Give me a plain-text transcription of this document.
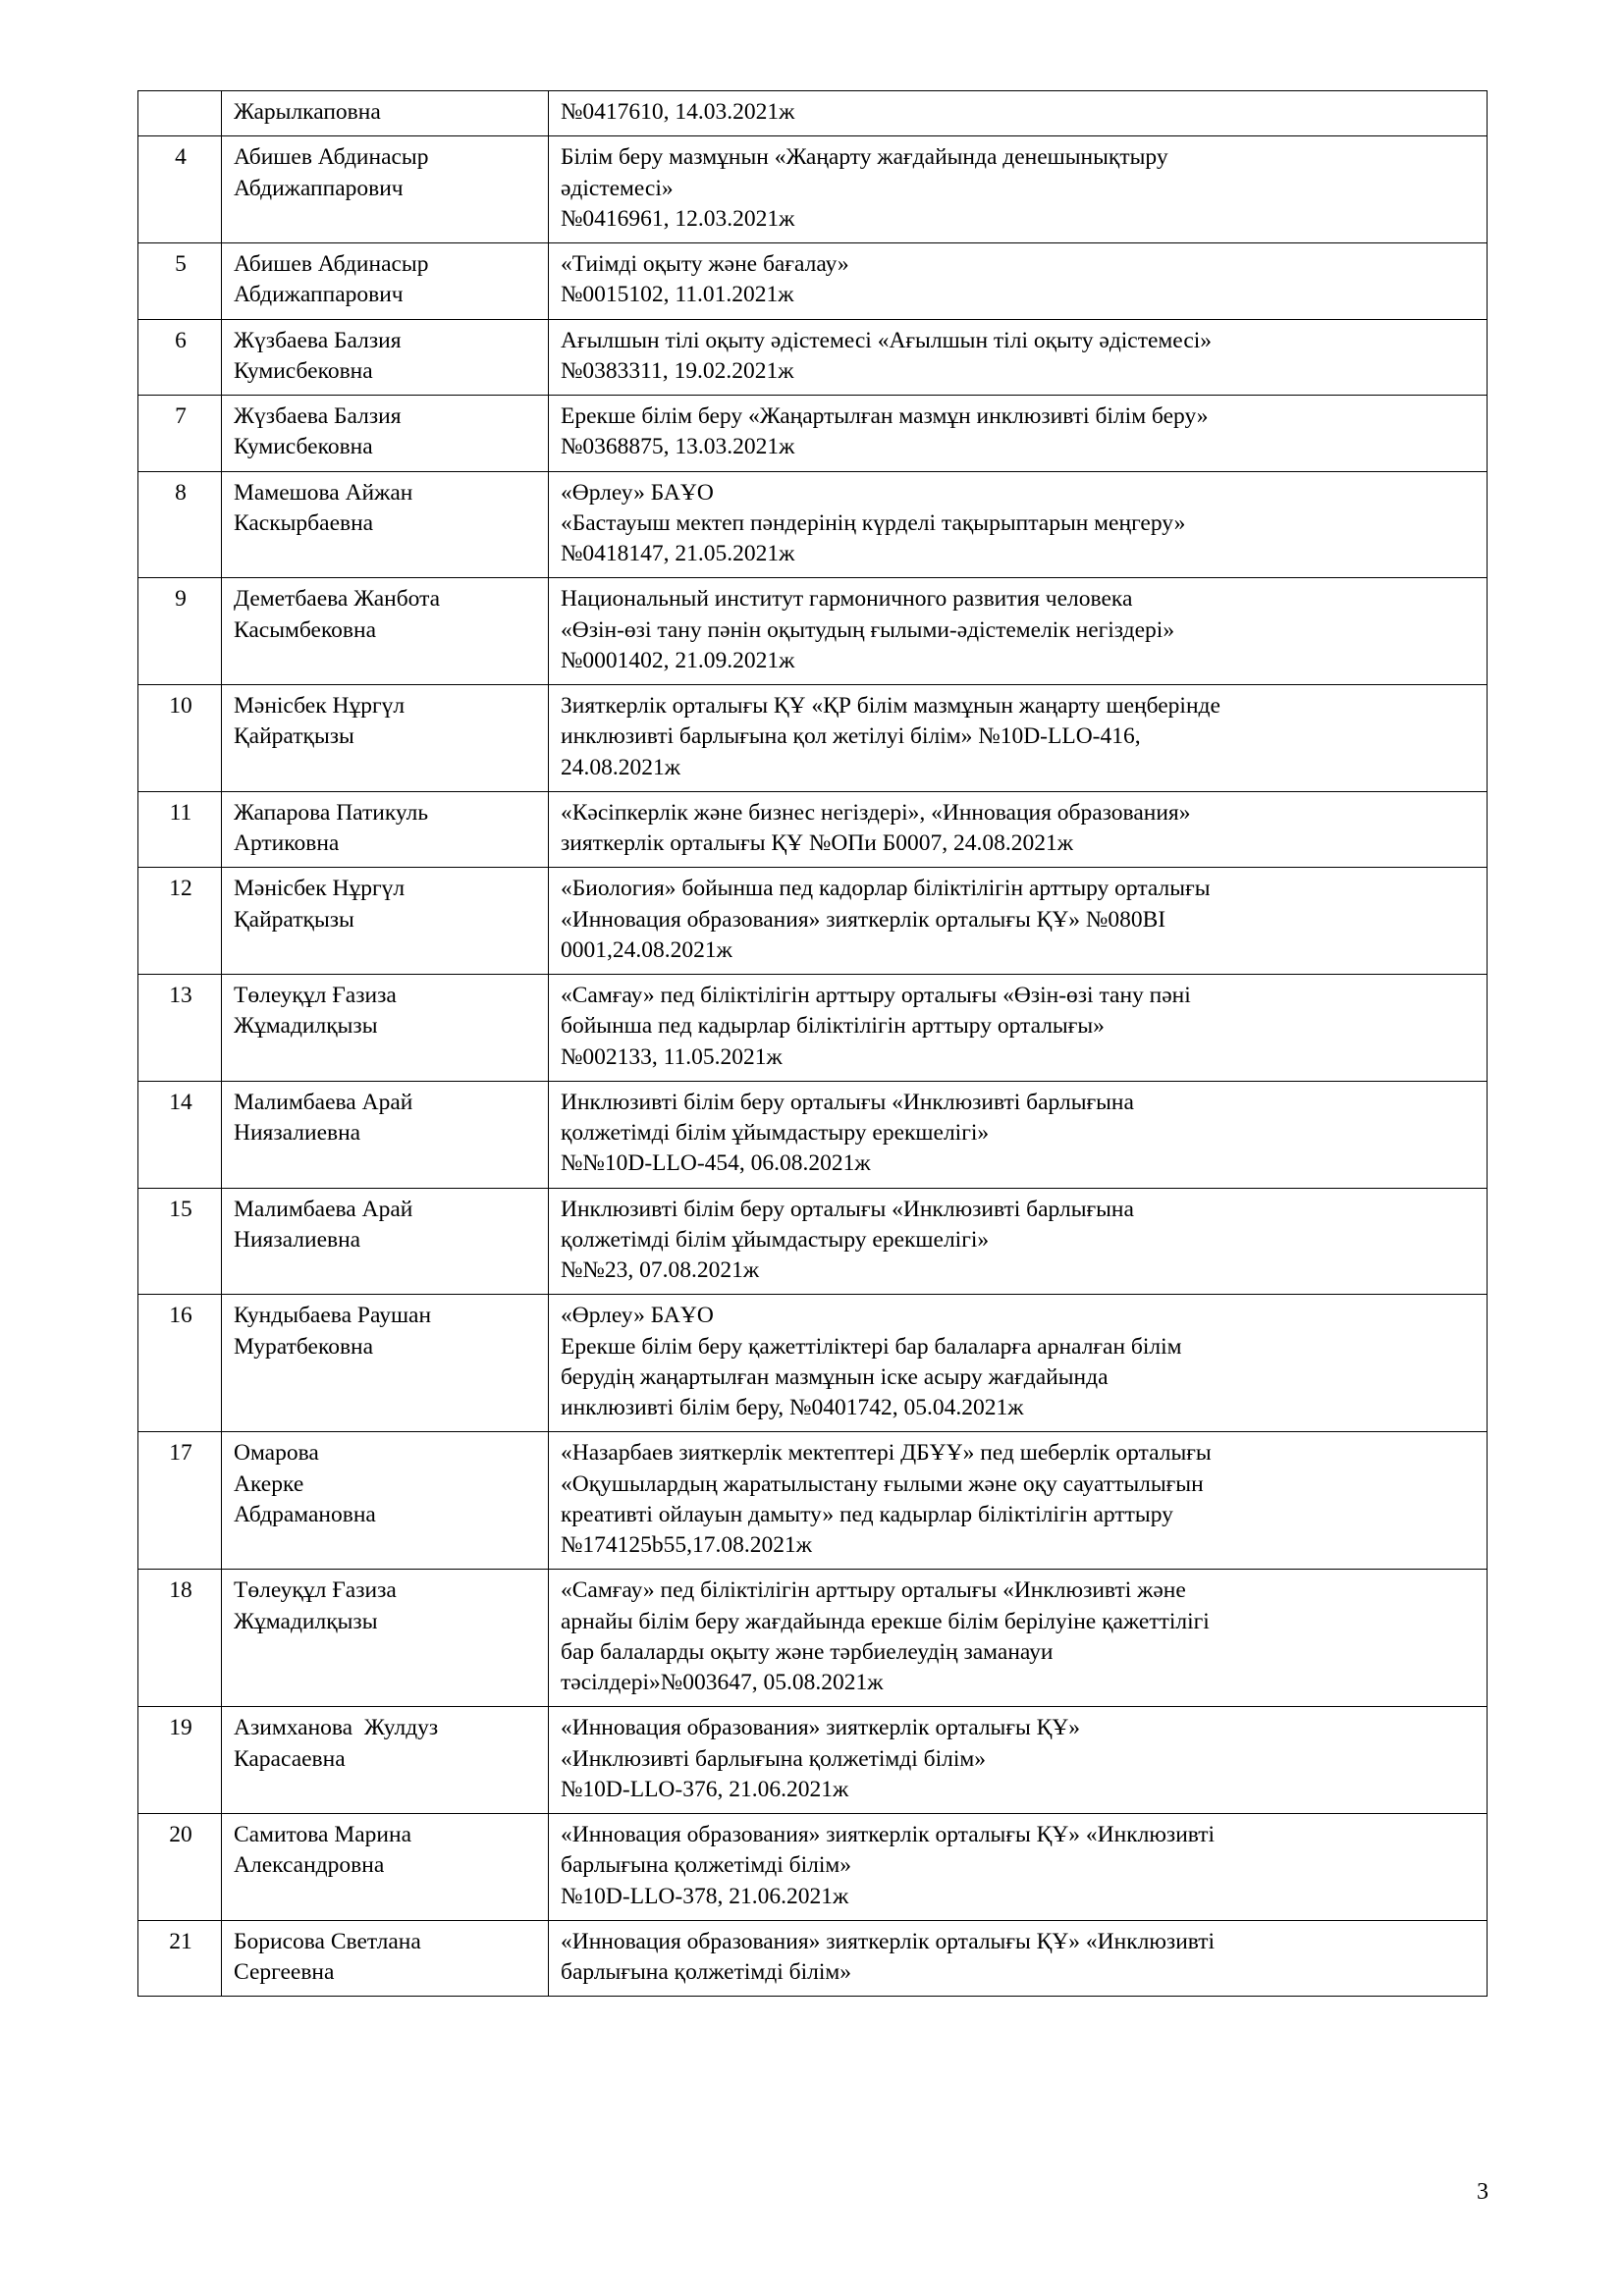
	Жарылкаповна	№0417610, 14.03.2021ж

4	Абишев Абдинасыр
Абдижаппарович	Білім беру мазмұнын «Жаңарту жағдайында денешынықтыру
әдістемесі»
№0416961, 12.03.2021ж

5	Абишев Абдинасыр
Абдижаппарович	«Тиімді оқыту және бағалау»
№0015102, 11.01.2021ж

6	Жүзбаева Балзия
Кумисбековна	Ағылшын тілі оқыту әдістемесі «Ағылшын тілі оқыту әдістемесі»
№0383311, 19.02.2021ж

7	Жүзбаева Балзия
Кумисбековна	Ерекше білім беру «Жаңартылған мазмұн инклюзивті білім беру»
№0368875, 13.03.2021ж

8	Мамешова Айжан
Каскырбаевна	«Өрлеу» БАҰО
«Бастауыш мектеп пәндерінің күрделі тақырыптарын меңгеру»
№0418147, 21.05.2021ж

9	Деметбаева Жанбота
Касымбековна	Национальный институт гармоничного развития человека
«Өзін-өзі тану пәнін оқытудың ғылыми-әдістемелік негіздері»
№0001402, 21.09.2021ж

10	Мәнісбек Нұргүл
Қайратқызы	Зияткерлік орталығы ҚҰ «ҚР білім мазмұнын жаңарту шеңберінде
инклюзивті барлығына қол жетілуі білім» №10D-LLO-416,
24.08.2021ж

11	Жапарова Патикуль
Артиковна	«Кәсіпкерлік және бизнес негіздері», «Инновация образования»
зияткерлік орталығы ҚҰ №ОПи Б0007, 24.08.2021ж

12	Мәнісбек Нұргүл
Қайратқызы	«Биология» бойынша пед кадорлар біліктілігін арттыру орталығы
«Инновация образования» зияткерлік орталығы ҚҰ» №080ВІ
0001,24.08.2021ж

13	Төлеуқұл Ғазиза
Жұмадилқызы	«Самғау» пед біліктілігін арттыру орталығы «Өзін-өзі тану пәні
бойынша пед кадырлар біліктілігін арттыру орталығы»
№002133, 11.05.2021ж

14	Малимбаева Арай
Ниязалиевна	Инклюзивті білім беру орталығы «Инклюзивті барлығына
қолжетімді білім ұйымдастыру ерекшелігі»
№№10D-LLO-454, 06.08.2021ж

15	Малимбаева Арай
Ниязалиевна	Инклюзивті білім беру орталығы «Инклюзивті барлығына
қолжетімді білім ұйымдастыру ерекшелігі»
№№23, 07.08.2021ж

16	Кундыбаева Раушан
Муратбековна	«Өрлеу» БАҰО
Ерекше білім беру қажеттіліктері бар балаларға арналған білім
берудің жаңартылған мазмұнын іске асыру жағдайында
инклюзивті білім беру, №0401742, 05.04.2021ж

17	Омарова
Акерке
Абдрамановна	«Назарбаев зияткерлік мектептері ДБҰҰ» пед шеберлік орталығы
«Оқушылардың жаратылыстану ғылыми және оқу сауаттылығын
креативті ойлауын дамыту» пед кадырлар біліктілігін арттыру
№174125b55,17.08.2021ж

18	Төлеуқұл Ғазиза
Жұмадилқызы	«Самғау» пед біліктілігін арттыру орталығы «Инклюзивті және
арнайы білім беру жағдайында ерекше білім берілуіне қажеттілігі
бар балаларды оқыту және тәрбиелеудің заманауи
тәсілдері»№003647, 05.08.2021ж

19	Азимханова  Жулдуз
Карасаевна	«Инновация образования» зияткерлік орталығы ҚҰ»
«Инклюзивті барлығына қолжетімді білім»
№10D-LLO-376, 21.06.2021ж

20	Самитова Марина
Александровна	«Инновация образования» зияткерлік орталығы ҚҰ» «Инклюзивті
барлығына қолжетімді білім»
№10D-LLO-378, 21.06.2021ж

21	Борисова Светлана
Сергеевна	«Инновация образования» зияткерлік орталығы ҚҰ» «Инклюзивті
барлығына қолжетімді білім»
3
